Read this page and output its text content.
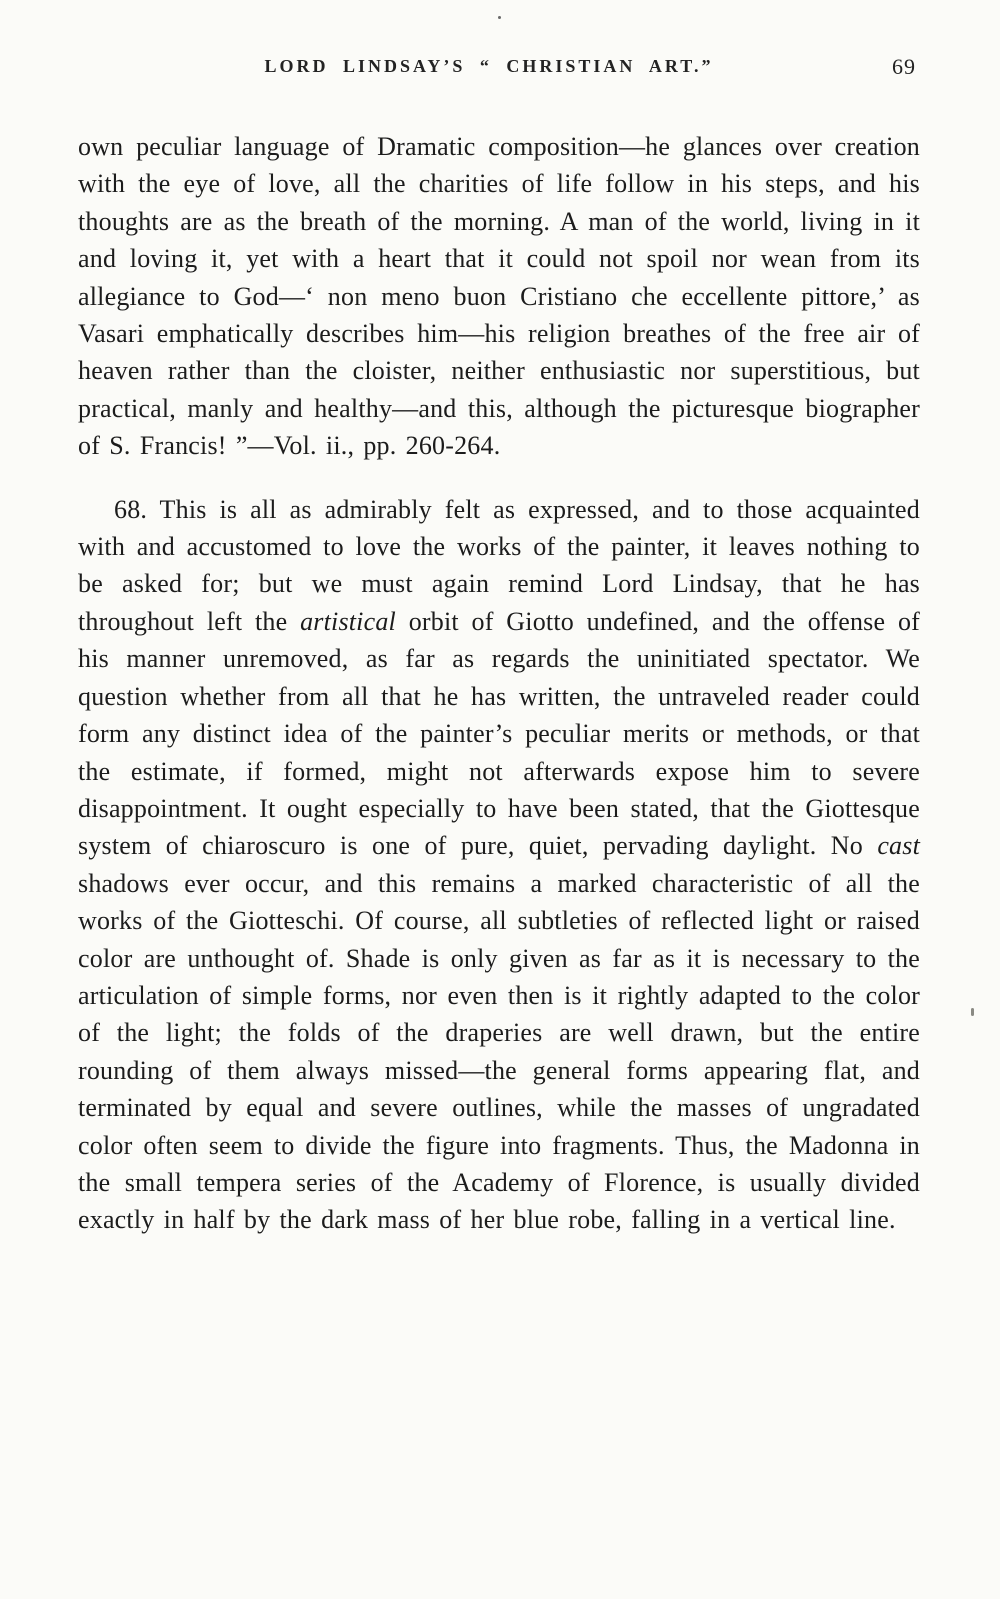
LORD LINDSAY’S “ CHRISTIAN ART.”	69

own peculiar language of Dramatic composition—he glances over creation with the eye of love, all the charities of life follow in his steps, and his thoughts are as the breath of the morning. A man of the world, living in it and loving it, yet with a heart that it could not spoil nor wean from its allegiance to God—‘ non meno buon Cristiano che eccellente pittore,’ as Vasari emphatically describes him—his religion breathes of the free air of heaven rather than the cloister, neither enthusiastic nor superstitious, but practical, manly and healthy—and this, although the picturesque biographer of S. Francis! ”—Vol. ii., pp. 260-264.

68. This is all as admirably felt as expressed, and to those acquainted with and accustomed to love the works of the painter, it leaves nothing to be asked for; but we must again remind Lord Lindsay, that he has throughout left the artistical orbit of Giotto undefined, and the offense of his manner unremoved, as far as regards the uninitiated spectator. We question whether from all that he has written, the untraveled reader could form any distinct idea of the painter’s peculiar merits or methods, or that the estimate, if formed, might not afterwards expose him to severe disappointment. It ought especially to have been stated, that the Giottesque system of chiaroscuro is one of pure, quiet, pervading daylight. No cast shadows ever occur, and this remains a marked characteristic of all the works of the Giotteschi. Of course, all subtleties of reflected light or raised color are unthought of. Shade is only given as far as it is necessary to the articulation of simple forms, nor even then is it rightly adapted to the color of the light; the folds of the draperies are well drawn, but the entire rounding of them always missed—the general forms appearing flat, and terminated by equal and severe outlines, while the masses of ungradated color often seem to divide the figure into fragments. Thus, the Madonna in the small tempera series of the Academy of Florence, is usually divided exactly in half by the dark mass of her blue robe, falling in a vertical line.
